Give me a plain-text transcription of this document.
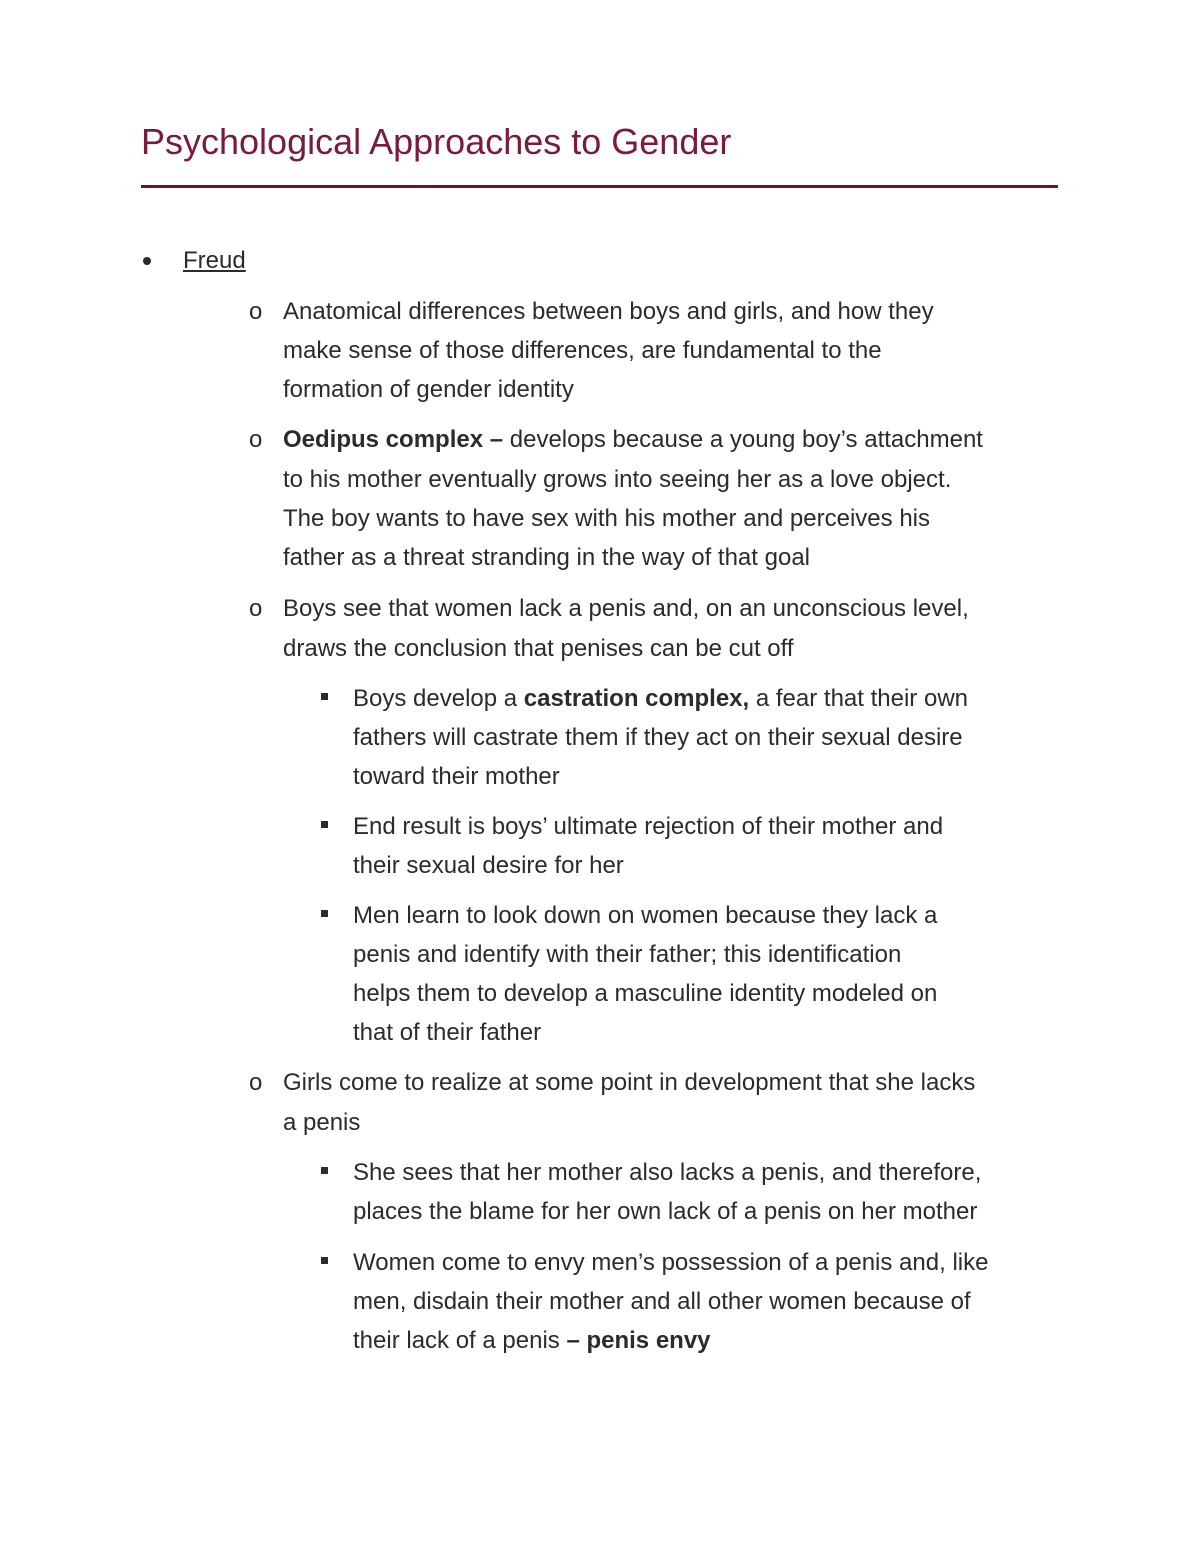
Psychological Approaches to Gender
Freud
o Anatomical differences between boys and girls, and how they
make sense of those differences, are fundamental to the
formation of gender identity
o Oedipus complex – develops because a young boy’s attachment
to his mother eventually grows into seeing her as a love object.
The boy wants to have sex with his mother and perceives his
father as a threat stranding in the way of that goal
o Boys see that women lack a penis and, on an unconscious level,
draws the conclusion that penises can be cut off
Boys develop a castration complex, a fear that their own
fathers will castrate them if they act on their sexual desire
toward their mother
End result is boys’ ultimate rejection of their mother and
their sexual desire for her
Men learn to look down on women because they lack a
penis and identify with their father; this identification
helps them to develop a masculine identity modeled on
that of their father
o Girls come to realize at some point in development that she lacks
a penis
She sees that her mother also lacks a penis, and therefore,
places the blame for her own lack of a penis on her mother
Women come to envy men’s possession of a penis and, like
men, disdain their mother and all other women because of
their lack of a penis – penis envy
